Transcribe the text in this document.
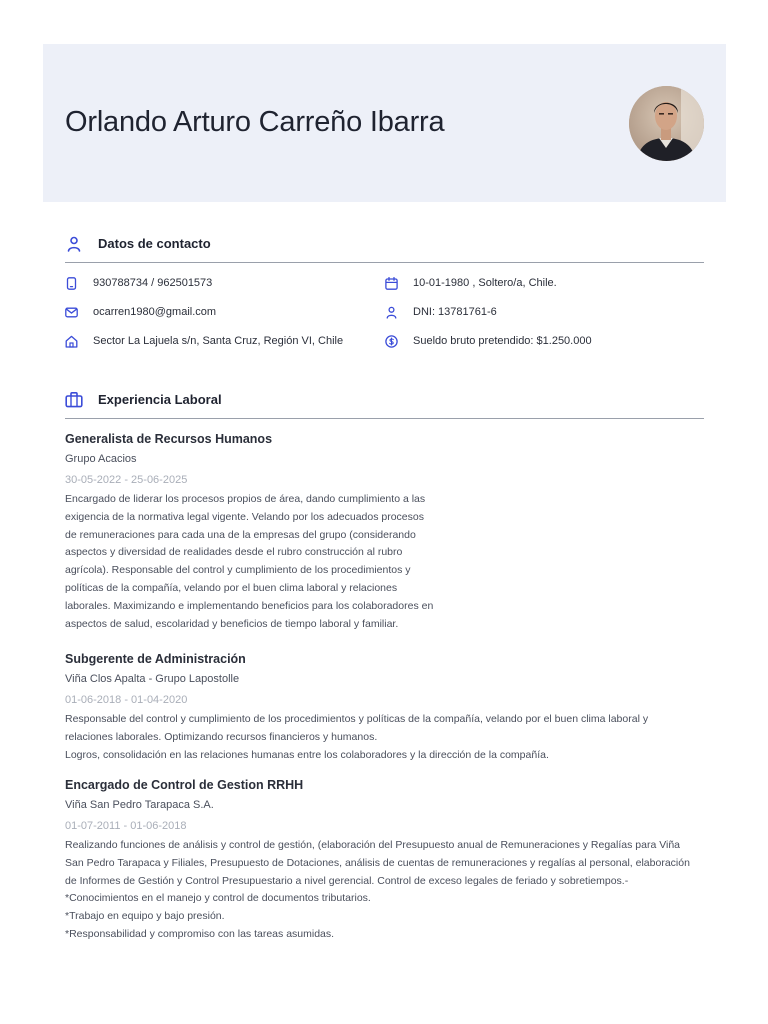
Orlando Arturo Carreño Ibarra
Datos de contacto
930788734 / 962501573
ocarren1980@gmail.com
Sector La Lajuela s/n, Santa Cruz, Región VI, Chile
10-01-1980 , Soltero/a, Chile.
DNI: 13781761-6
Sueldo bruto pretendido: $1.250.000
Experiencia Laboral
Generalista de Recursos Humanos
Grupo Acacios
30-05-2022 - 25-06-2025
Encargado de liderar los procesos propios de área, dando cumplimiento a las
exigencia de la normativa legal vigente. Velando por los adecuados procesos
de remuneraciones para cada una de la empresas del grupo (considerando
aspectos y diversidad de realidades desde el rubro construcción al rubro
agrícola). Responsable del control y cumplimiento de los procedimientos y
políticas de la compañía, velando por el buen clima laboral y relaciones
laborales. Maximizando e implementando beneficios para los colaboradores en
aspectos de salud, escolaridad y beneficios de tiempo laboral y familiar.
Subgerente de Administración
Viña Clos Apalta - Grupo Lapostolle
01-06-2018 - 01-04-2020
Responsable del control y cumplimiento de los procedimientos y políticas de la compañía, velando por el buen clima laboral y
relaciones laborales. Optimizando recursos financieros y humanos.
Logros, consolidación en las relaciones humanas entre los colaboradores y la dirección de la compañía.
Encargado de Control de Gestion RRHH
Viña San Pedro Tarapaca S.A.
01-07-2011 - 01-06-2018
Realizando funciones de análisis y control de gestión, (elaboración del Presupuesto anual de Remuneraciones y Regalías para Viña
San Pedro Tarapaca y Filiales, Presupuesto de Dotaciones, análisis de cuentas de remuneraciones y regalías al personal, elaboración
de Informes de Gestión y Control Presupuestario a nivel gerencial. Control de exceso legales de feriado y sobretiempos.-
*Conocimientos en el manejo y control de documentos tributarios.
*Trabajo en equipo y bajo presión.
*Responsabilidad y compromiso con las tareas asumidas.
